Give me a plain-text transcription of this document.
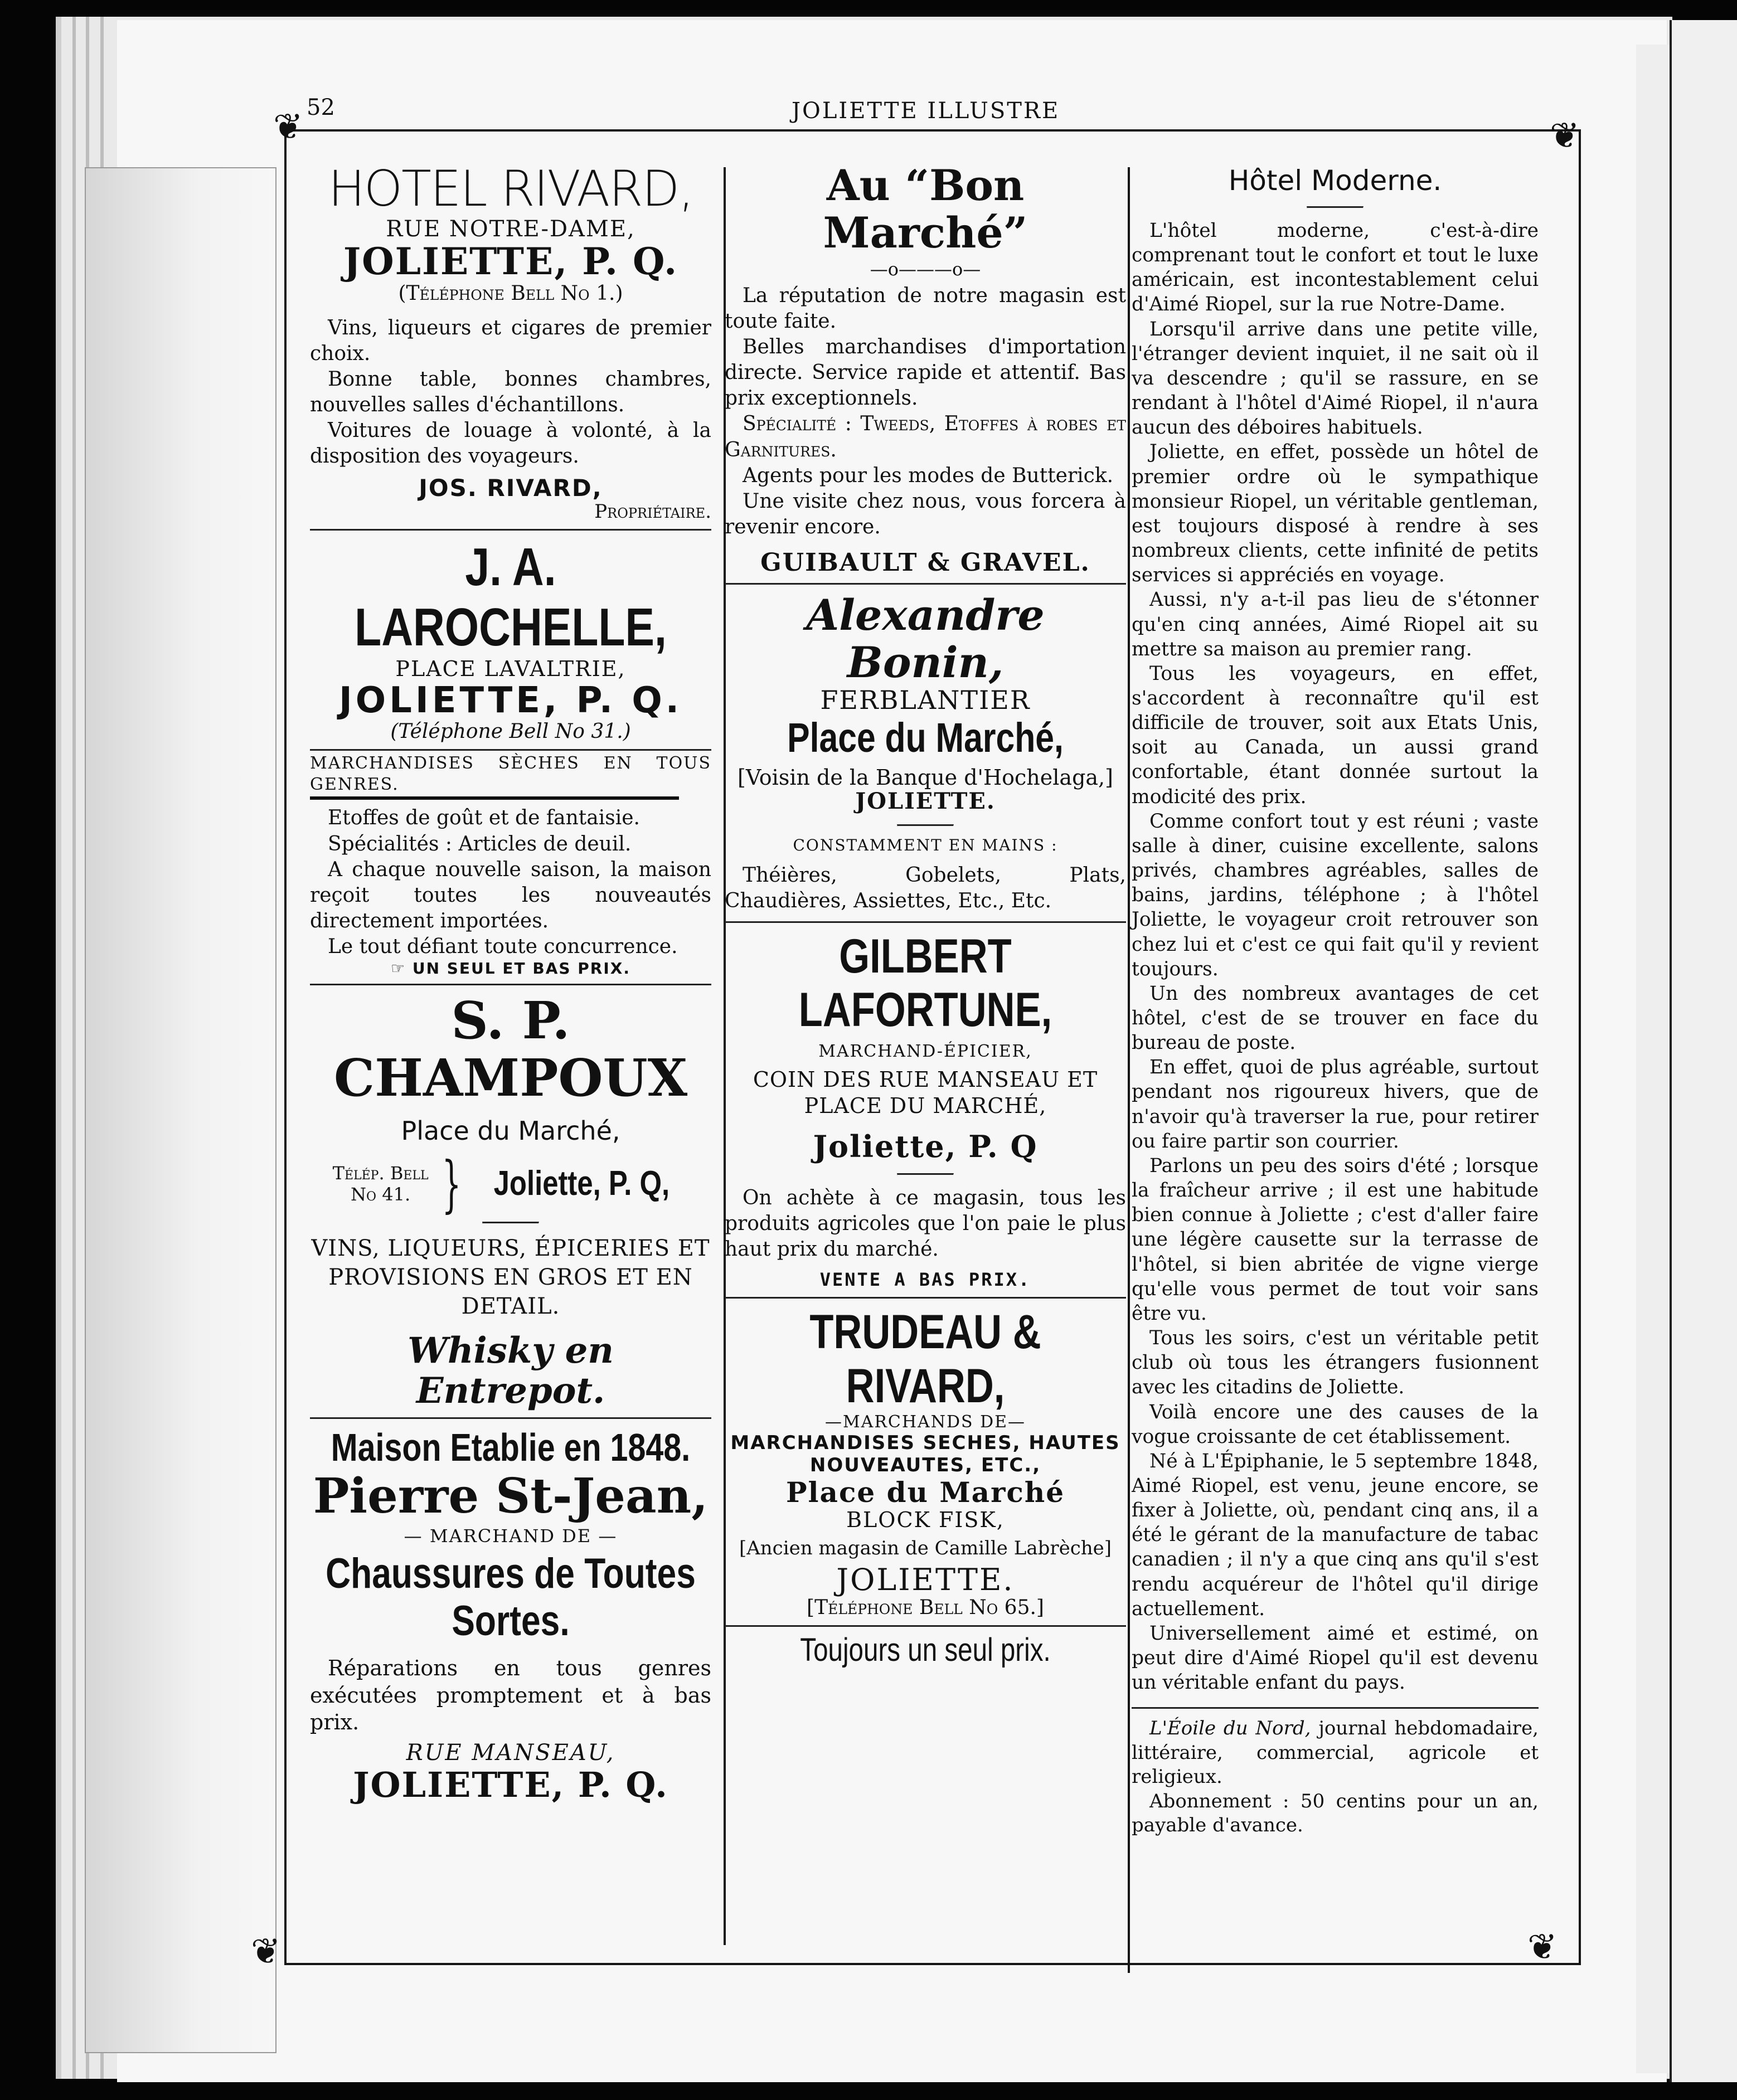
52	JOLIETTE ILLUSTRE
❦	❦
❦	❦

HOTEL RIVARD,

RUE NOTRE-DAME,

JOLIETTE, P. Q.

(Téléphone Bell No 1.)

Vins, liqueurs et cigares de premier choix.

Bonne table, bonnes chambres, nouvelles salles d'échantillons.

Voitures de louage à volonté, à la disposition des voyageurs.

JOS. RIVARD,

Propriétaire.

J. A. LAROCHELLE,

PLACE LAVALTRIE,

JOLIETTE, P. Q.

(Téléphone Bell No 31.)

MARCHANDISES SÈCHES EN TOUS GENRES.

Etoffes de goût et de fantaisie.

Spécialités : Articles de deuil.

A chaque nouvelle saison, la maison reçoit toutes les nouveautés directement importées.

Le tout défiant toute concurrence.

☞ UN SEUL ET BAS PRIX.

S. P. CHAMPOUX

Place du Marché,

Télép. Bell
No 41. } Joliette, P. Q,

VINS, LIQUEURS, ÉPICERIES ET PROVISIONS EN GROS ET EN DETAIL.

Whisky en Entrepot.

Maison Etablie en 1848.

Pierre St-Jean,

— MARCHAND DE —

Chaussures de Toutes Sortes.

Réparations en tous genres exécutées promptement et à bas prix.

RUE MANSEAU,

JOLIETTE, P. Q.

Au “Bon Marché”

—o———o—

La réputation de notre magasin est toute faite.

Belles marchandises d'importation directe. Service rapide et attentif. Bas prix exceptionnels.

Spécialité : Tweeds, Etoffes à robes et Garnitures.

Agents pour les modes de Butterick.

Une visite chez nous, vous forcera à revenir encore.

GUIBAULT & GRAVEL.

Alexandre Bonin,

FERBLANTIER

Place du Marché,

[Voisin de la Banque d'Hochelaga,]

JOLIETTE.

CONSTAMMENT EN MAINS :

Théières, Gobelets, Plats, Chaudières, Assiettes, Etc., Etc.

GILBERT LAFORTUNE,

MARCHAND-ÉPICIER,

COIN DES RUE MANSEAU ET PLACE DU MARCHÉ,

Joliette, P. Q

On achète à ce magasin, tous les produits agricoles que l'on paie le plus haut prix du marché.

VENTE A BAS PRIX.

TRUDEAU & RIVARD,

—MARCHANDS DE—

MARCHANDISES SECHES, HAUTES NOUVEAUTES, ETC.,

Place du Marché

BLOCK FISK,

[Ancien magasin de Camille Labrèche]

JOLIETTE.

[Téléphone Bell No 65.]

Toujours un seul prix.

Hôtel Moderne.

L'hôtel moderne, c'est-à-dire comprenant tout le confort et tout le luxe américain, est incontestablement celui d'Aimé Riopel, sur la rue Notre-Dame.

Lorsqu'il arrive dans une petite ville, l'étranger devient inquiet, il ne sait où il va descendre ; qu'il se rassure, en se rendant à l'hôtel d'Aimé Riopel, il n'aura aucun des déboires habituels.

Joliette, en effet, possède un hôtel de premier ordre où le sympathique monsieur Riopel, un véritable gentleman, est toujours disposé à rendre à ses nombreux clients, cette infinité de petits services si appréciés en voyage.

Aussi, n'y a-t-il pas lieu de s'étonner qu'en cinq années, Aimé Riopel ait su mettre sa maison au premier rang.

Tous les voyageurs, en effet, s'accordent à reconnaître qu'il est difficile de trouver, soit aux Etats Unis, soit au Canada, un aussi grand confortable, étant donnée surtout la modicité des prix.

Comme confort tout y est réuni ; vaste salle à diner, cuisine excellente, salons privés, chambres agréables, salles de bains, jardins, téléphone ; à l'hôtel Joliette, le voyageur croit retrouver son chez lui et c'est ce qui fait qu'il y revient toujours.

Un des nombreux avantages de cet hôtel, c'est de se trouver en face du bureau de poste.

En effet, quoi de plus agréable, surtout pendant nos rigoureux hivers, que de n'avoir qu'à traverser la rue, pour retirer ou faire partir son courrier.

Parlons un peu des soirs d'été ; lorsque la fraîcheur arrive ; il est une habitude bien connue à Joliette ; c'est d'aller faire une légère causette sur la terrasse de l'hôtel, si bien abritée de vigne vierge qu'elle vous permet de tout voir sans être vu.

Tous les soirs, c'est un véritable petit club où tous les étrangers fusionnent avec les citadins de Joliette.

Voilà encore une des causes de la vogue croissante de cet établissement.

Né à L'Épiphanie, le 5 septembre 1848, Aimé Riopel, est venu, jeune encore, se fixer à Joliette, où, pendant cinq ans, il a été le gérant de la manufacture de tabac canadien ; il n'y a que cinq ans qu'il s'est rendu acquéreur de l'hôtel qu'il dirige actuellement.

Universellement aimé et estimé, on peut dire d'Aimé Riopel qu'il est devenu un véritable enfant du pays.

L'Éoile du Nord, journal hebdomadaire, littéraire, commercial, agricole et religieux.

Abonnement : 50 centins pour un an, payable d'avance.
